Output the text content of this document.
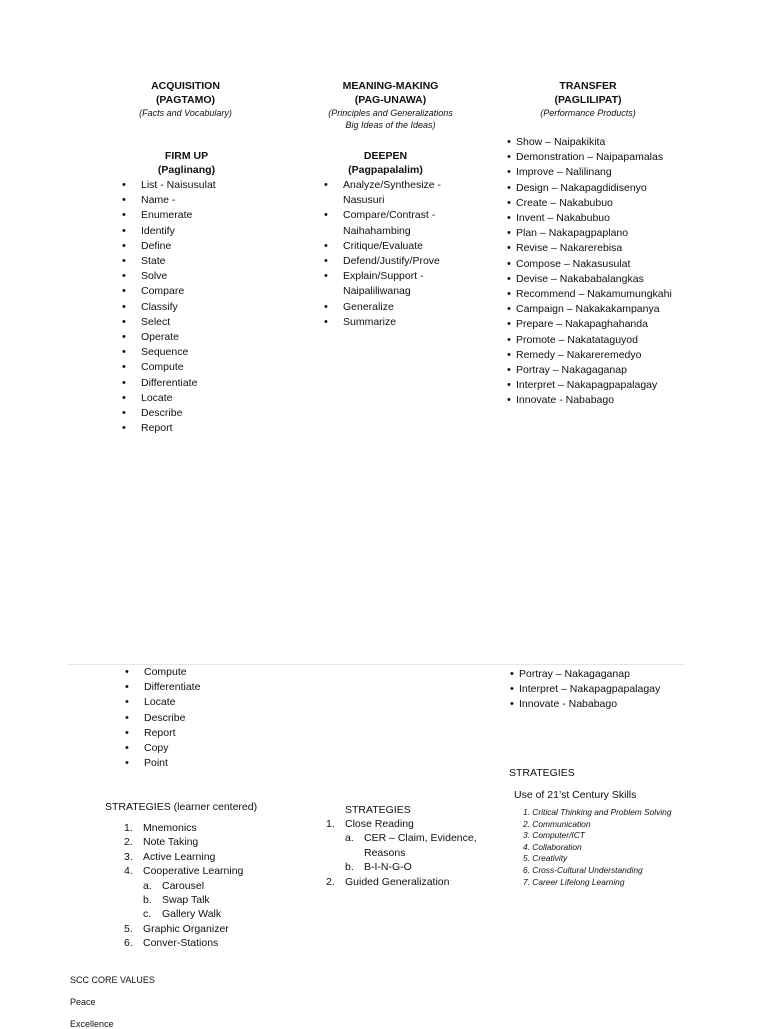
ACQUISITION
(PAGTAMO)
(Facts and Vocabulary)
MEANING-MAKING
(PAG-UNAWA)
(Principles and Generalizations
Big Ideas of the Ideas)
TRANSFER
(PAGLILIPAT)
(Performance Products)
FIRM UP
(Paglinang)
• List - Naisusulat
• Name -
• Enumerate
• Identify
• Define
• State
• Solve
• Compare
• Classify
• Select
• Operate
• Sequence
• Compute
• Differentiate
• Locate
• Describe
• Report
DEEPEN
(Pagpapalalim)
• Analyze/Synthesize -
Nasusuri
• Compare/Contrast -
Naihahambing
• Critique/Evaluate
• Defend/Justify/Prove
• Explain/Support -
Naipaliliwanag
• Generalize
• Summarize
• Show – Naipakikita
• Demonstration – Naipapamalas
• Improve – Nalilinang
• Design – Nakapagdidisenyo
• Create – Nakabubuo
• Invent – Nakabubuo
• Plan – Nakapagpaplano
• Revise – Nakarerebisa
• Compose – Nakasusulat
• Devise – Nakababalangkas
• Recommend – Nakamumungkahi
• Campaign – Nakakakampanya
• Prepare – Nakapaghahanda
• Promote – Nakatataguyod
• Remedy – Nakareremedyo
• Portray – Nakagaganap
• Interpret – Nakapagpapalagay
• Innovate - Nababago
• Compute
• Differentiate
• Locate
• Describe
• Report
• Copy
• Point
• Portray – Nakagaganap
• Interpret – Nakapagpapalagay
• Innovate - Nababago
STRATEGIES (learner centered)
1. Mnemonics
2. Note Taking
3. Active Learning
4. Cooperative Learning
a. Carousel
b. Swap Talk
c. Gallery Walk
5. Graphic Organizer
6. Conver-Stations
STRATEGIES
1. Close Reading
a. CER – Claim, Evidence,
Reasons
b. B-I-N-G-O
2. Guided Generalization
STRATEGIES
Use of 21’st Century Skills
1. Critical Thinking and Problem Solving
2. Communication
3. Computer/ICT
4. Collaboration
5. Creativity
6. Cross-Cultural Understanding
7. Career Lifelong Learning
SCC CORE VALUES
Peace
Excellence
